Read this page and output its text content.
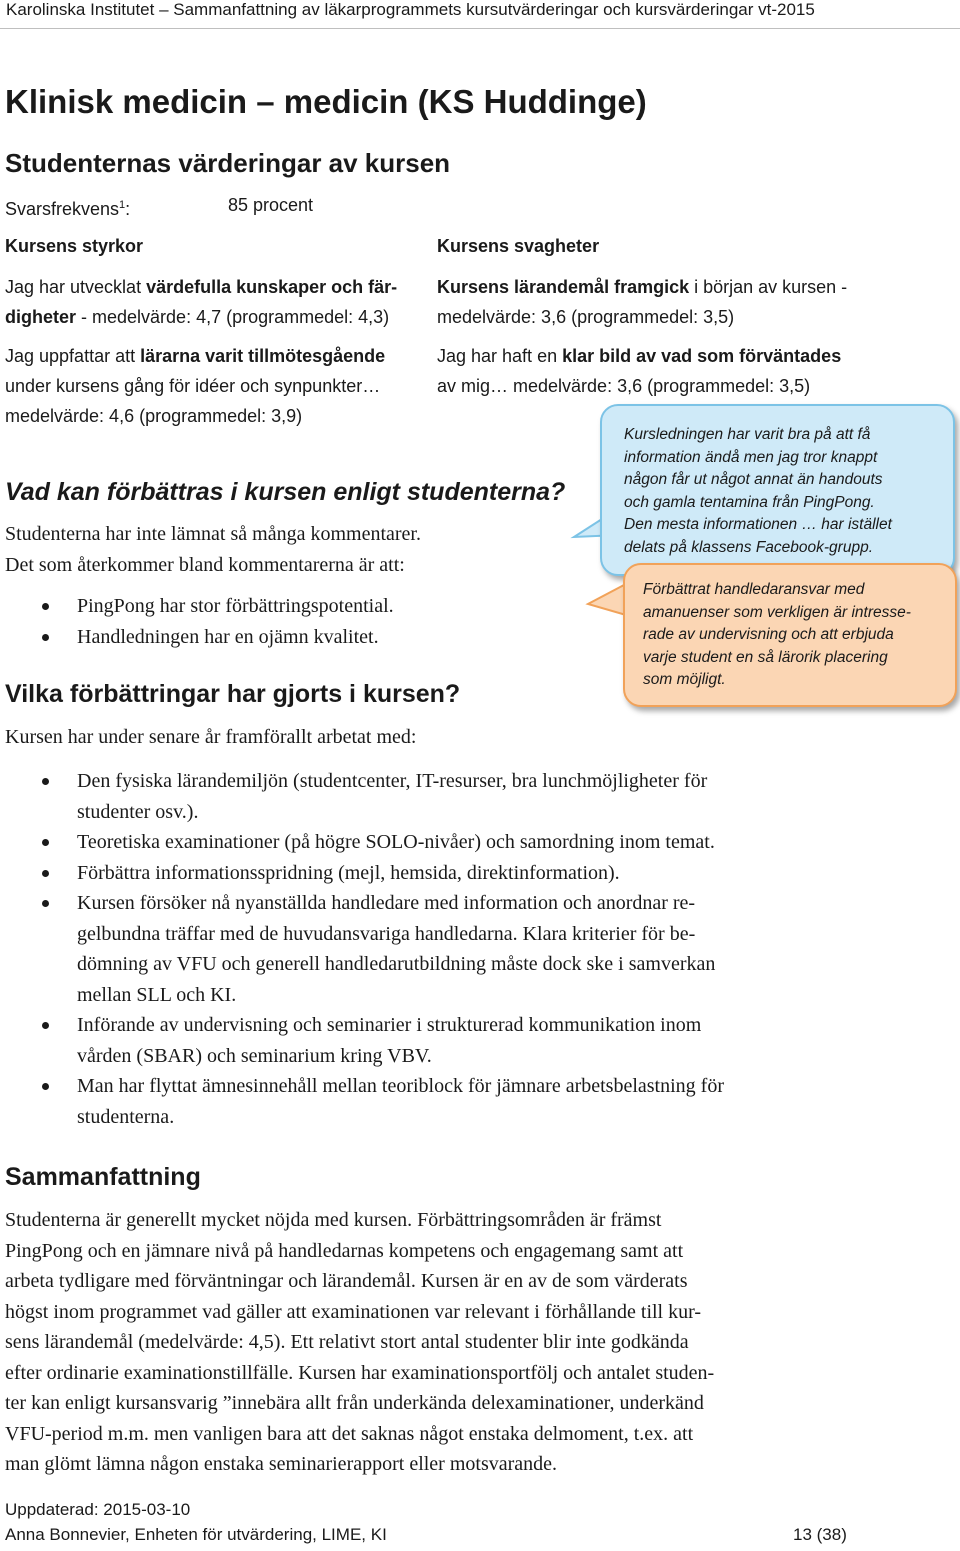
Karolinska Institutet – Sammanfattning av läkarprogrammets kursutvärderingar och kursvärderingar vt-2015
Klinisk medicin – medicin (KS Huddinge)
Studenternas värderingar av kursen
Svarsfrekvens$^1$:	85 procent
Kursens styrkor
Jag har utvecklat värdefulla kunskaper och fär-
digheter - medelvärde: 4,7 (programmedel: 4,3)
Jag uppfattar att lärarna varit tillmötesgående
under kursens gång för idéer och synpunkter…
medelvärde: 4,6 (programmedel: 3,9)
Kursens svagheter
Kursens lärandemål framgick i början av kursen -
medelvärde: 3,6 (programmedel: 3,5)
Jag har haft en klar bild av vad som förväntades
av mig… medelvärde: 3,6 (programmedel: 3,5)
Kursledningen har varit bra på att få
information ändå men jag tror knappt
någon får ut något annat än handouts
och gamla tentamina från PingPong.
Den mesta informationen … har istället
delats på klassens Facebook-grupp.
Förbättrat handledaransvar med
amanuenser som verkligen är intresse-
rade av undervisning och att erbjuda
varje student en så lärorik placering
som möjligt.
Vad kan förbättras i kursen enligt studenterna?
Studenterna har inte lämnat så många kommentarer.
Det som återkommer bland kommentarerna är att:
PingPong har stor förbättringspotential.
Handledningen har en ojämn kvalitet.
Vilka förbättringar har gjorts i kursen?
Kursen har under senare år framförallt arbetat med:
Den fysiska lärandemiljön (studentcenter, IT-resurser, bra lunchmöjligheter för
studenter osv.).
Teoretiska examinationer (på högre SOLO-nivåer) och samordning inom temat.
Förbättra informationsspridning (mejl, hemsida, direktinformation).
Kursen försöker nå nyanställda handledare med information och anordnar re-
gelbundna träffar med de huvudansvariga handledarna. Klara kriterier för be-
dömning av VFU och generell handledarutbildning måste dock ske i samverkan
mellan SLL och KI.
Införande av undervisning och seminarier i strukturerad kommunikation inom
vården (SBAR) och seminarium kring VBV.
Man har flyttat ämnesinnehåll mellan teoriblock för jämnare arbetsbelastning för
studenterna.
Sammanfattning
Studenterna är generellt mycket nöjda med kursen. Förbättringsområden är främst
PingPong och en jämnare nivå på handledarnas kompetens och engagemang samt att
arbeta tydligare med förväntningar och lärandemål. Kursen är en av de som värderats
högst inom programmet vad gäller att examinationen var relevant i förhållande till kur-
sens lärandemål (medelvärde: 4,5). Ett relativt stort antal studenter blir inte godkända
efter ordinarie examinationstillfälle. Kursen har examinationsportfölj och antalet studen-
ter kan enligt kursansvarig ”innebära allt från underkända delexaminationer, underkänd
VFU-period m.m. men vanligen bara att det saknas något enstaka delmoment, t.ex. att
man glömt lämna någon enstaka seminarierapport eller motsvarande.
Uppdaterad: 2015-03-10
Anna Bonnevier, Enheten för utvärdering, LIME, KI	13 (38)
